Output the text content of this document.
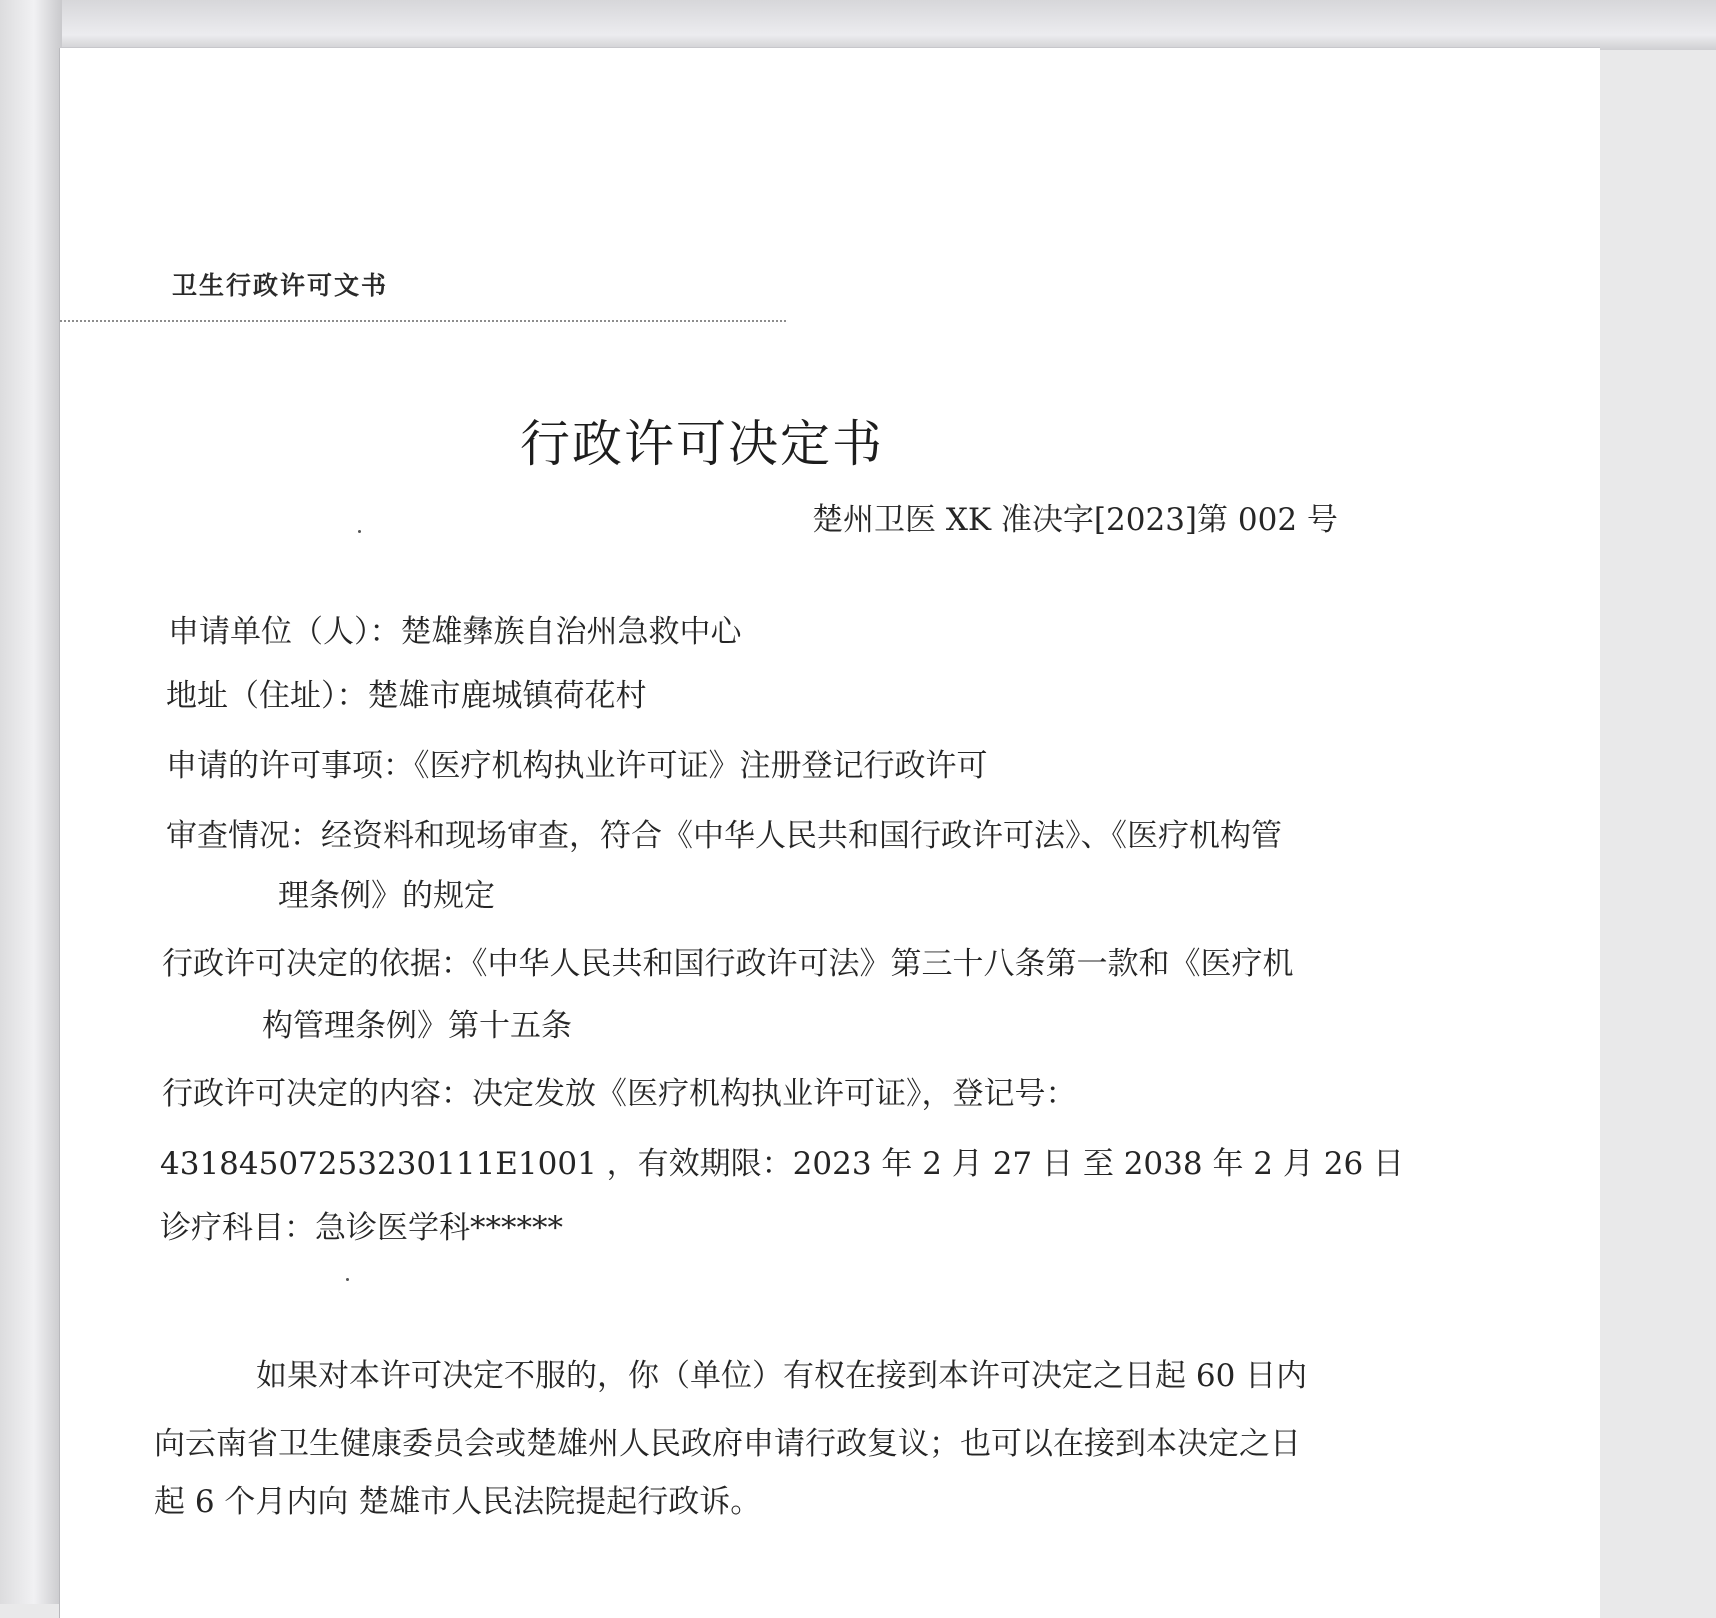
卫生行政许可文书
行政许可决定书
楚州卫医 XK 准决字[2023]第 002 号
申请单位（人）：楚雄彝族自治州急救中心
地址（住址）：楚雄市鹿城镇荷花村
申请的许可事项：《医疗机构执业许可证》注册登记行政许可
审查情况：经资料和现场审查，符合《中华人民共和国行政许可法》、《医疗机构管
理条例》的规定
行政许可决定的依据：《中华人民共和国行政许可法》第三十八条第一款和《医疗机
构管理条例》第十五条
行政许可决定的内容：决定发放《医疗机构执业许可证》，登记号：
43184507253230111E1001 ，有效期限：2023 年 2 月 27 日 至 2038 年 2 月 26 日
诊疗科目：急诊医学科******
如果对本许可决定不服的，你（单位）有权在接到本许可决定之日起 60 日内
向云南省卫生健康委员会或楚雄州人民政府申请行政复议；也可以在接到本决定之日
起 6 个月内向 楚雄市人民法院提起行政诉。
